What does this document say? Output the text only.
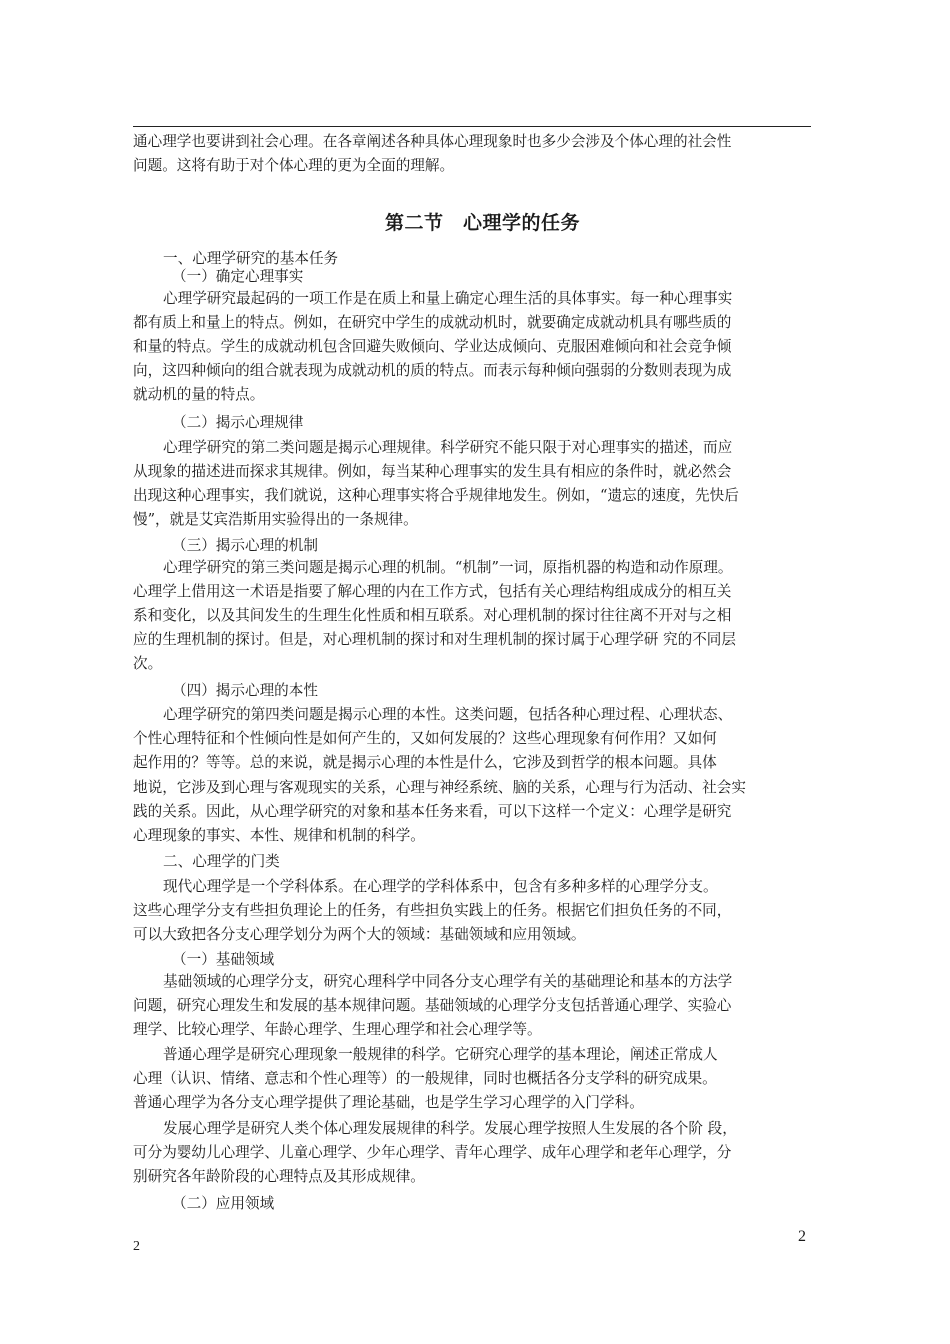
通心理学也要讲到社会心理。在各章阐述各种具体心理现象时也多少会涉及个体心理的社会性
问题。这将有助于对个体心理的更为全面的理解。
第二节　心理学的任务
一、心理学研究的基本任务
（一）确定心理事实
心理学研究最起码的一项工作是在质上和量上确定心理生活的具体事实。每一种心理事实
都有质上和量上的特点。例如，在研究中学生的成就动机时，就要确定成就动机具有哪些质的
和量的特点。学生的成就动机包含回避失败倾向、学业达成倾向、克服困难倾向和社会竞争倾
向，这四种倾向的组合就表现为成就动机的质的特点。而表示每种倾向强弱的分数则表现为成
就动机的量的特点。
（二）揭示心理规律
心理学研究的第二类问题是揭示心理规律。科学研究不能只限于对心理事实的描述，而应
从现象的描述进而探求其规律。例如，每当某种心理事实的发生具有相应的条件时，就必然会
出现这种心理事实，我们就说，这种心理事实将合乎规律地发生。例如，“遗忘的速度，先快后
慢”，就是艾宾浩斯用实验得出的一条规律。
（三）揭示心理的机制
心理学研究的第三类问题是揭示心理的机制。“机制”一词，原指机器的构造和动作原理。
心理学上借用这一术语是指要了解心理的内在工作方式，包括有关心理结构组成成分的相互关
系和变化，以及其间发生的生理生化性质和相互联系。对心理机制的探讨往往离不开对与之相
应的生理机制的探讨。但是，对心理机制的探讨和对生理机制的探讨属于心理学研 究的不同层
次。
（四）揭示心理的本性
心理学研究的第四类问题是揭示心理的本性。这类问题，包括各种心理过程、心理状态、
个性心理特征和个性倾向性是如何产生的，又如何发展的？这些心理现象有何作用？又如何
起作用的？等等。总的来说，就是揭示心理的本性是什么，它涉及到哲学的根本问题。具体
地说，它涉及到心理与客观现实的关系，心理与神经系统、脑的关系，心理与行为活动、社会实
践的关系。因此，从心理学研究的对象和基本任务来看，可以下这样一个定义：心理学是研究
心理现象的事实、本性、规律和机制的科学。
二、心理学的门类
现代心理学是一个学科体系。在心理学的学科体系中，包含有多种多样的心理学分支。
这些心理学分支有些担负理论上的任务，有些担负实践上的任务。根据它们担负任务的不同，
可以大致把各分支心理学划分为两个大的领域：基础领域和应用领域。
（一）基础领域
基础领域的心理学分支，研究心理科学中同各分支心理学有关的基础理论和基本的方法学
问题，研究心理发生和发展的基本规律问题。基础领域的心理学分支包括普通心理学、实验心
理学、比较心理学、年龄心理学、生理心理学和社会心理学等。
普通心理学是研究心理现象一般规律的科学。它研究心理学的基本理论，阐述正常成人
心理（认识、情绪、意志和个性心理等）的一般规律，同时也概括各分支学科的研究成果。
普通心理学为各分支心理学提供了理论基础，也是学生学习心理学的入门学科。
发展心理学是研究人类个体心理发展规律的科学。发展心理学按照人生发展的各个阶 段，
可分为婴幼儿心理学、儿童心理学、少年心理学、青年心理学、成年心理学和老年心理学，分
别研究各年龄阶段的心理特点及其形成规律。
（二）应用领域
2
2
